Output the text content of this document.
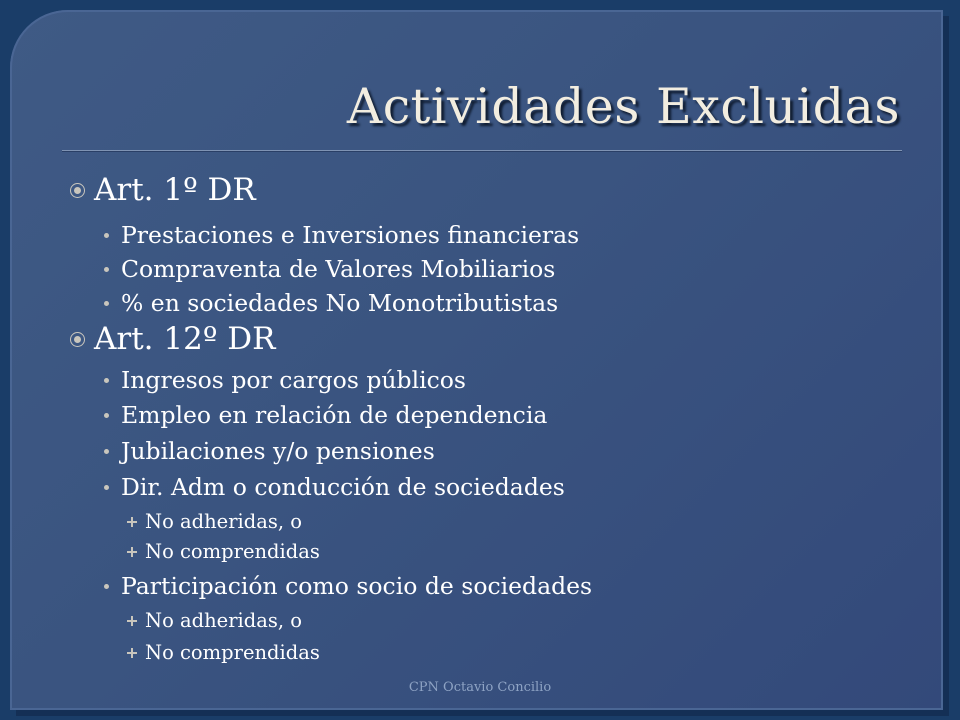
Actividades Excluidas
Art. 1º DR
Prestaciones e Inversiones financieras
Compraventa de Valores Mobiliarios
% en sociedades No Monotributistas
Art. 12º DR
Ingresos por cargos públicos
Empleo en relación de dependencia
Jubilaciones y/o pensiones
Dir. Adm o conducción de sociedades
No adheridas, o
No comprendidas
Participación como socio de sociedades
No adheridas, o
No comprendidas
CPN Octavio Concilio
